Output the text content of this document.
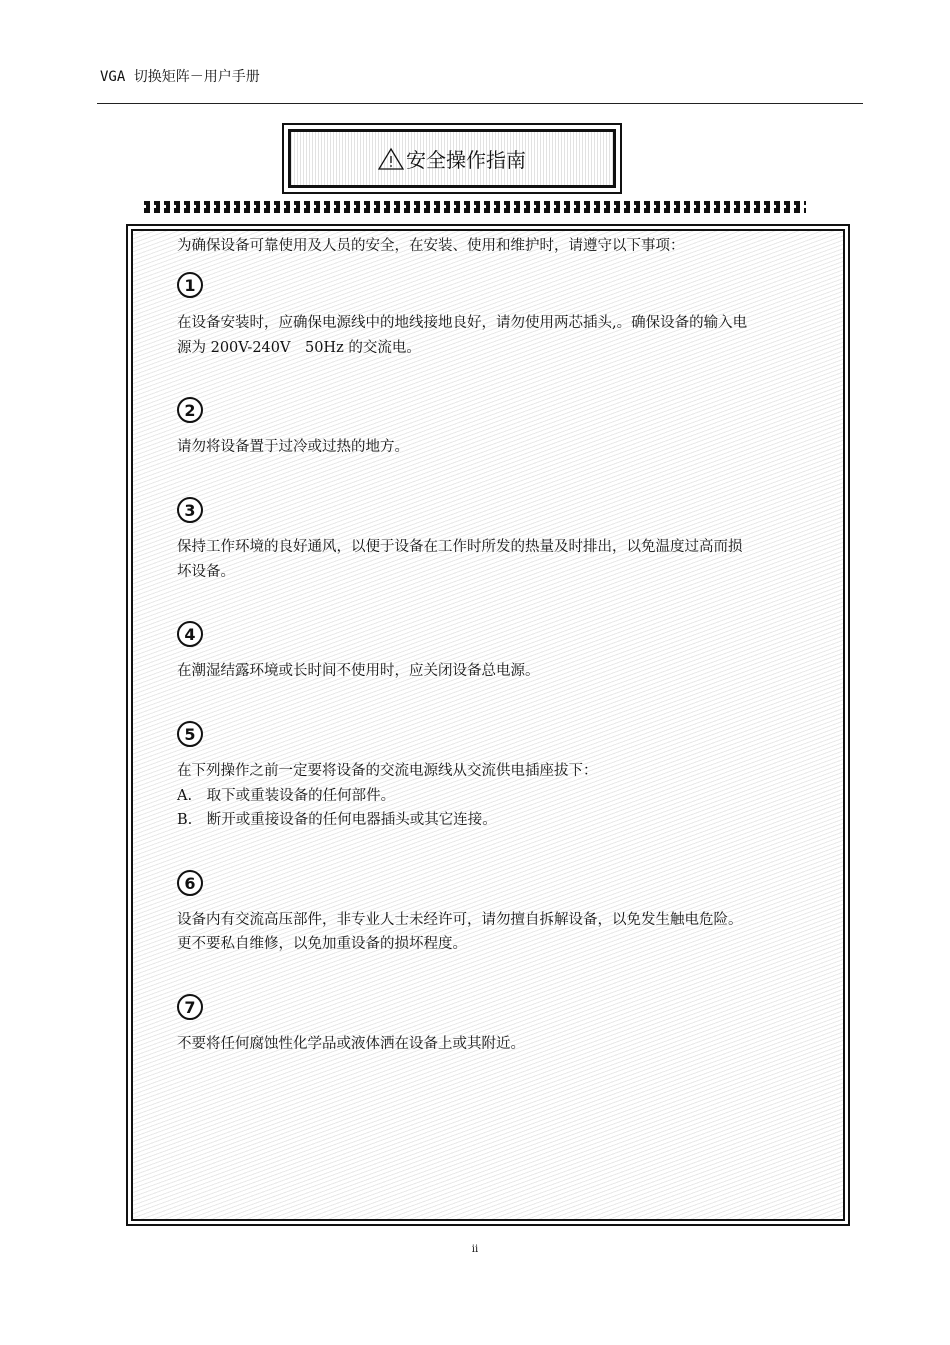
VGA 切换矩阵－用户手册
安全操作指南
为确保设备可靠使用及人员的安全，在安装、使用和维护时，请遵守以下事项：
1
在设备安装时，应确保电源线中的地线接地良好，请勿使用两芯插头,。确保设备的输入电
源为 200V-240V　50Hz 的交流电。
2
请勿将设备置于过冷或过热的地方。
3
保持工作环境的良好通风，以便于设备在工作时所发的热量及时排出，以免温度过高而损
坏设备。
4
在潮湿结露环境或长时间不使用时，应关闭设备总电源。
5
在下列操作之前一定要将设备的交流电源线从交流供电插座拔下：
A.　取下或重装设备的任何部件。
B.　断开或重接设备的任何电器插头或其它连接。
6
设备内有交流高压部件，非专业人士未经许可，请勿擅自拆解设备，以免发生触电危险。
更不要私自维修，以免加重设备的损坏程度。
7
不要将任何腐蚀性化学品或液体洒在设备上或其附近。
ii
